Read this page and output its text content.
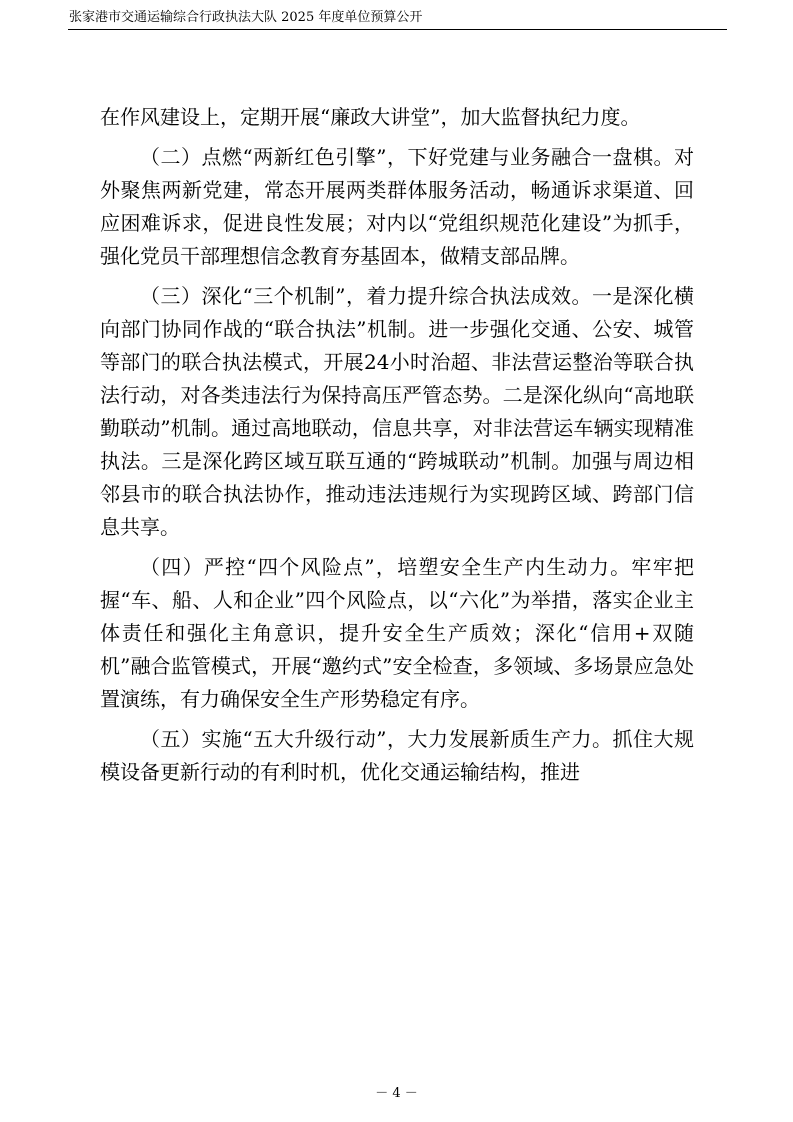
张家港市交通运输综合行政执法大队 2025 年度单位预算公开

在作风建设上，定期开展“廉政大讲堂”，加大监督执纪力度。

（二）点燃“两新红色引擎”，下好党建与业务融合一盘棋。对外聚焦两新党建，常态开展两类群体服务活动，畅通诉求渠道、回应困难诉求，促进良性发展；对内以“党组织规范化建设”为抓手，强化党员干部理想信念教育夯基固本，做精支部品牌。

（三）深化“三个机制”，着力提升综合执法成效。一是深化横向部门协同作战的“联合执法”机制。进一步强化交通、公安、城管等部门的联合执法模式，开展24小时治超、非法营运整治等联合执法行动，对各类违法行为保持高压严管态势。二是深化纵向“高地联勤联动”机制。通过高地联动，信息共享，对非法营运车辆实现精准执法。三是深化跨区域互联互通的“跨城联动”机制。加强与周边相邻县市的联合执法协作，推动违法违规行为实现跨区域、跨部门信息共享。

（四）严控“四个风险点”，培塑安全生产内生动力。牢牢把握“车、船、人和企业”四个风险点，以“六化”为举措，落实企业主体责任和强化主角意识，提升安全生产质效；深化“信用+双随机”融合监管模式，开展“邀约式”安全检查，多领域、多场景应急处置演练，有力确保安全生产形势稳定有序。

（五）实施“五大升级行动”，大力发展新质生产力。抓住大规模设备更新行动的有利时机，优化交通运输结构，推进

－ 4 －
